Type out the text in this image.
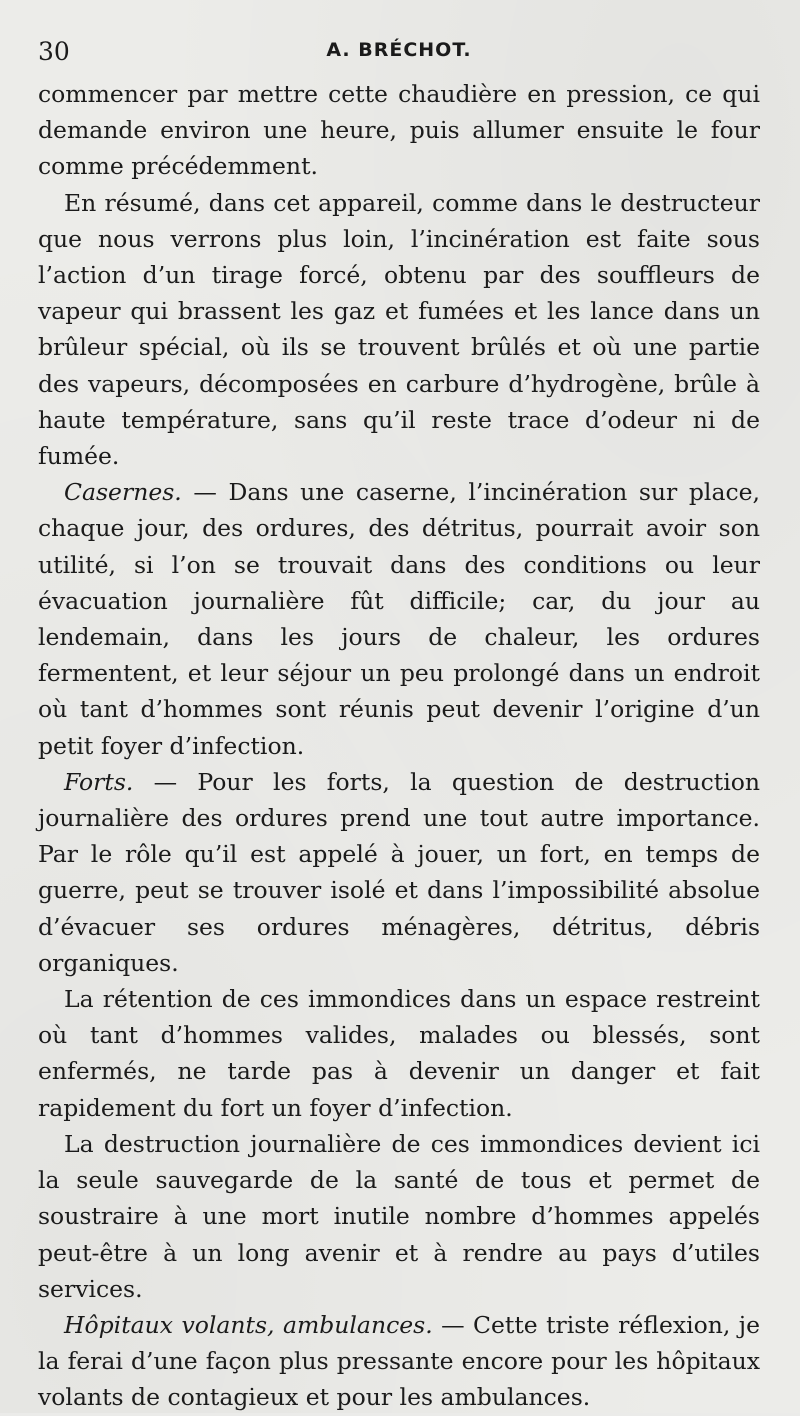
30	A. BRÉCHOT.

commencer par mettre cette chaudière en pression, ce qui demande environ une heure, puis allumer ensuite le four comme précédemment.

En résumé, dans cet appareil, comme dans le destructeur que nous verrons plus loin, l’incinération est faite sous l’action d’un tirage forcé, obtenu par des souffleurs de vapeur qui brassent les gaz et fumées et les lance dans un brûleur spécial, où ils se trouvent brûlés et où une partie des vapeurs, décomposées en carbure d’hydrogène, brûle à haute température, sans qu’il reste trace d’odeur ni de fumée.

Casernes. — Dans une caserne, l’incinération sur place, chaque jour, des ordures, des détritus, pourrait avoir son utilité, si l’on se trouvait dans des conditions ou leur évacuation journalière fût difficile; car, du jour au lendemain, dans les jours de chaleur, les ordures fermentent, et leur séjour un peu prolongé dans un endroit où tant d’hommes sont réunis peut devenir l’origine d’un petit foyer d’infection.

Forts. — Pour les forts, la question de destruction journalière des ordures prend une tout autre importance. Par le rôle qu’il est appelé à jouer, un fort, en temps de guerre, peut se trouver isolé et dans l’impossibilité absolue d’évacuer ses ordures ménagères, détritus, débris organiques.

La rétention de ces immondices dans un espace restreint où tant d’hommes valides, malades ou blessés, sont enfermés, ne tarde pas à devenir un danger et fait rapidement du fort un foyer d’infection.

La destruction journalière de ces immondices devient ici la seule sauvegarde de la santé de tous et permet de soustraire à une mort inutile nombre d’hommes appelés peut-être à un long avenir et à rendre au pays d’utiles services.

Hôpitaux volants, ambulances. — Cette triste réflexion, je la ferai d’une façon plus pressante encore pour les hôpitaux volants de contagieux et pour les ambulances.
